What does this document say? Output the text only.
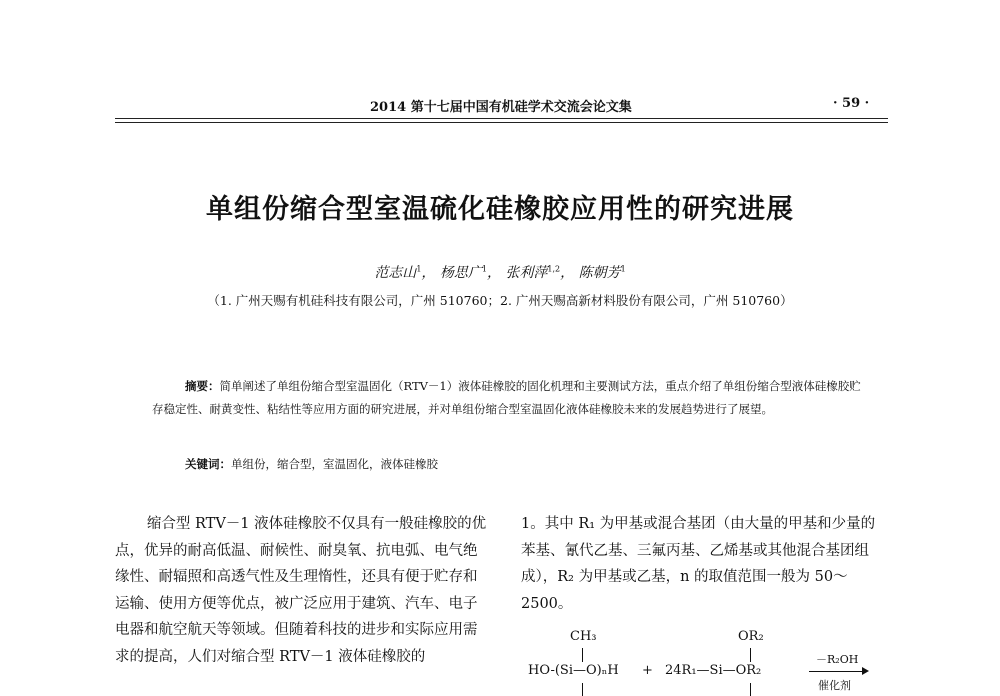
2014 第十七届中国有机硅学术交流会论文集	· 59 ·
单组份缩合型室温硫化硅橡胶应用性的研究进展
范志山$^1$， 杨思广$^1$， 张利萍$^{1,2}$， 陈朝芳$^1$
（1. 广州天赐有机硅科技有限公司，广州 510760；2. 广州天赐高新材料股份有限公司，广州 510760）
摘要：简单阐述了单组份缩合型室温固化（RTV－1）液体硅橡胶的固化机理和主要测试方法，重点介绍了单组份缩合型液体硅橡胶贮存稳定性、耐黄变性、粘结性等应用方面的研究进展，并对单组份缩合型室温固化液体硅橡胶未来的发展趋势进行了展望。
关键词：单组份，缩合型，室温固化，液体硅橡胶

缩合型 RTV－1 液体硅橡胶不仅具有一般硅橡胶的优点，优异的耐高低温、耐候性、耐臭氧、抗电弧、电气绝缘性、耐辐照和高透气性及生理惰性，还具有便于贮存和运输、使用方便等优点，被广泛应用于建筑、汽车、电子电器和航空航天等领域。但随着科技的进步和实际应用需求的提高，人们对缩合型 RTV－1 液体硅橡胶的

1。其中 R₁ 为甲基或混合基团（由大量的甲基和少量的苯基、氰代乙基、三氟丙基、乙烯基或其他混合基团组成），R₂ 为甲基或乙基，n 的取值范围一般为 50～2500。

CH₃	OR₂
HO-(Si—O)ₙH + 24R₁—Si—OR₂
－R₂OH
催化剂
